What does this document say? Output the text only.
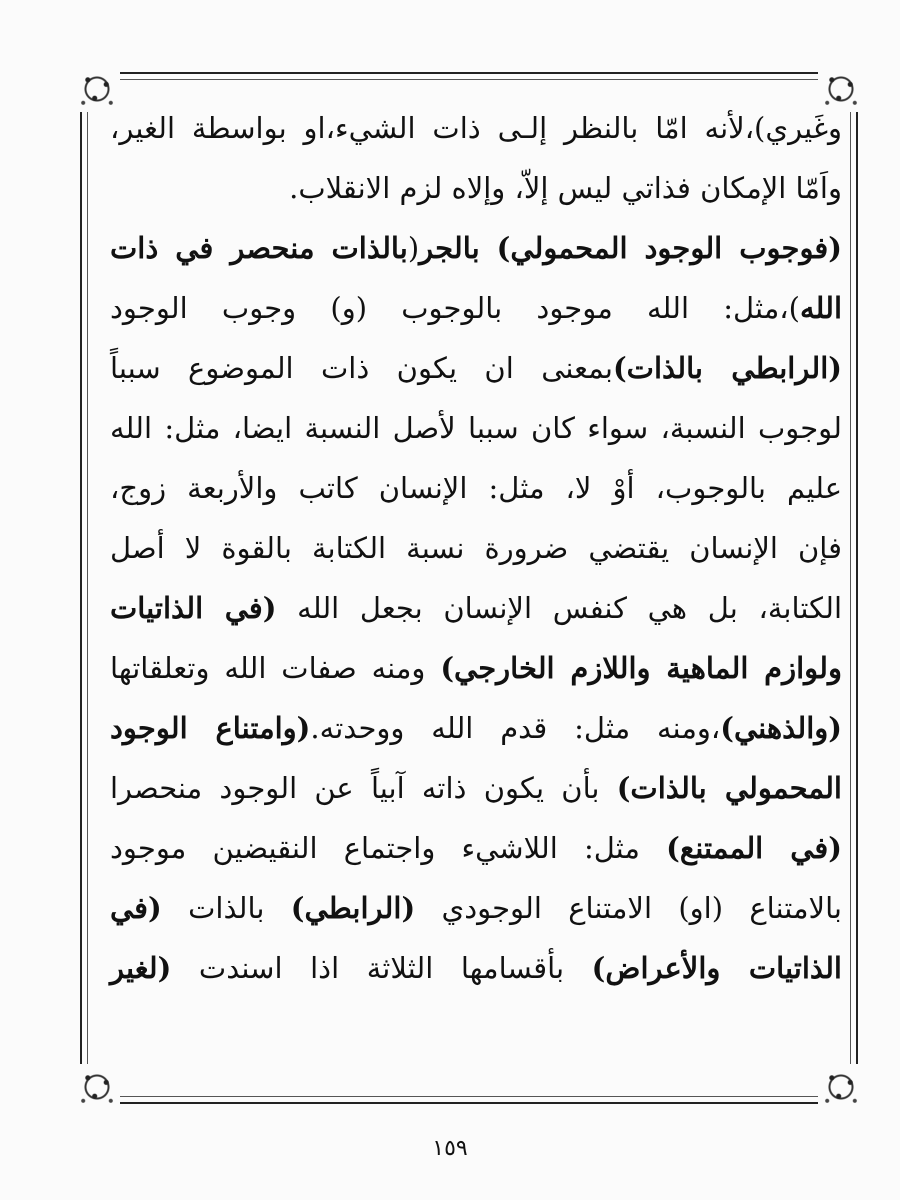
وغَيري)،لأنه امّا بالنظر إلـى ذات الشيء،او بواسطة الغير،
واَمّا الإمكان فذاتي ليس إلاّ، وإلاه لزم الانقلاب.
(فوجوب الوجود المحمولي) بالجر(بالذات منحصر في ذات
الله)،مثل: الله موجود بالوجوب (و) وجوب الوجود
(الرابطي بالذات)بمعنى ان يكون ذات الموضوع سبباً
لوجوب النسبة، سواء كان سببا لأصل النسبة ايضا، مثل: الله
عليم بالوجوب، أوْ لا، مثل: الإنسان كاتب والأربعة زوج،
فإن الإنسان يقتضي ضرورة نسبة الكتابة بالقوة لا أصل
الكتابة، بل هي كنفس الإنسان بجعل الله (في الذاتيات
ولوازم الماهية واللازم الخارجي) ومنه صفات الله وتعلقاتها
(والذهني)،ومنه مثل: قدم الله ووحدته.(وامتناع الوجود
المحمولي بالذات) بأن يكون ذاته آبياً عن الوجود منحصرا
(في الممتنع) مثل: اللاشيء واجتماع النقيضين موجود
بالامتناع (او) الامتناع الوجودي (الرابطي) بالذات (في
الذاتيات والأعراض) بأقسامها الثلاثة اذا اسندت (لغير
١٥٩
